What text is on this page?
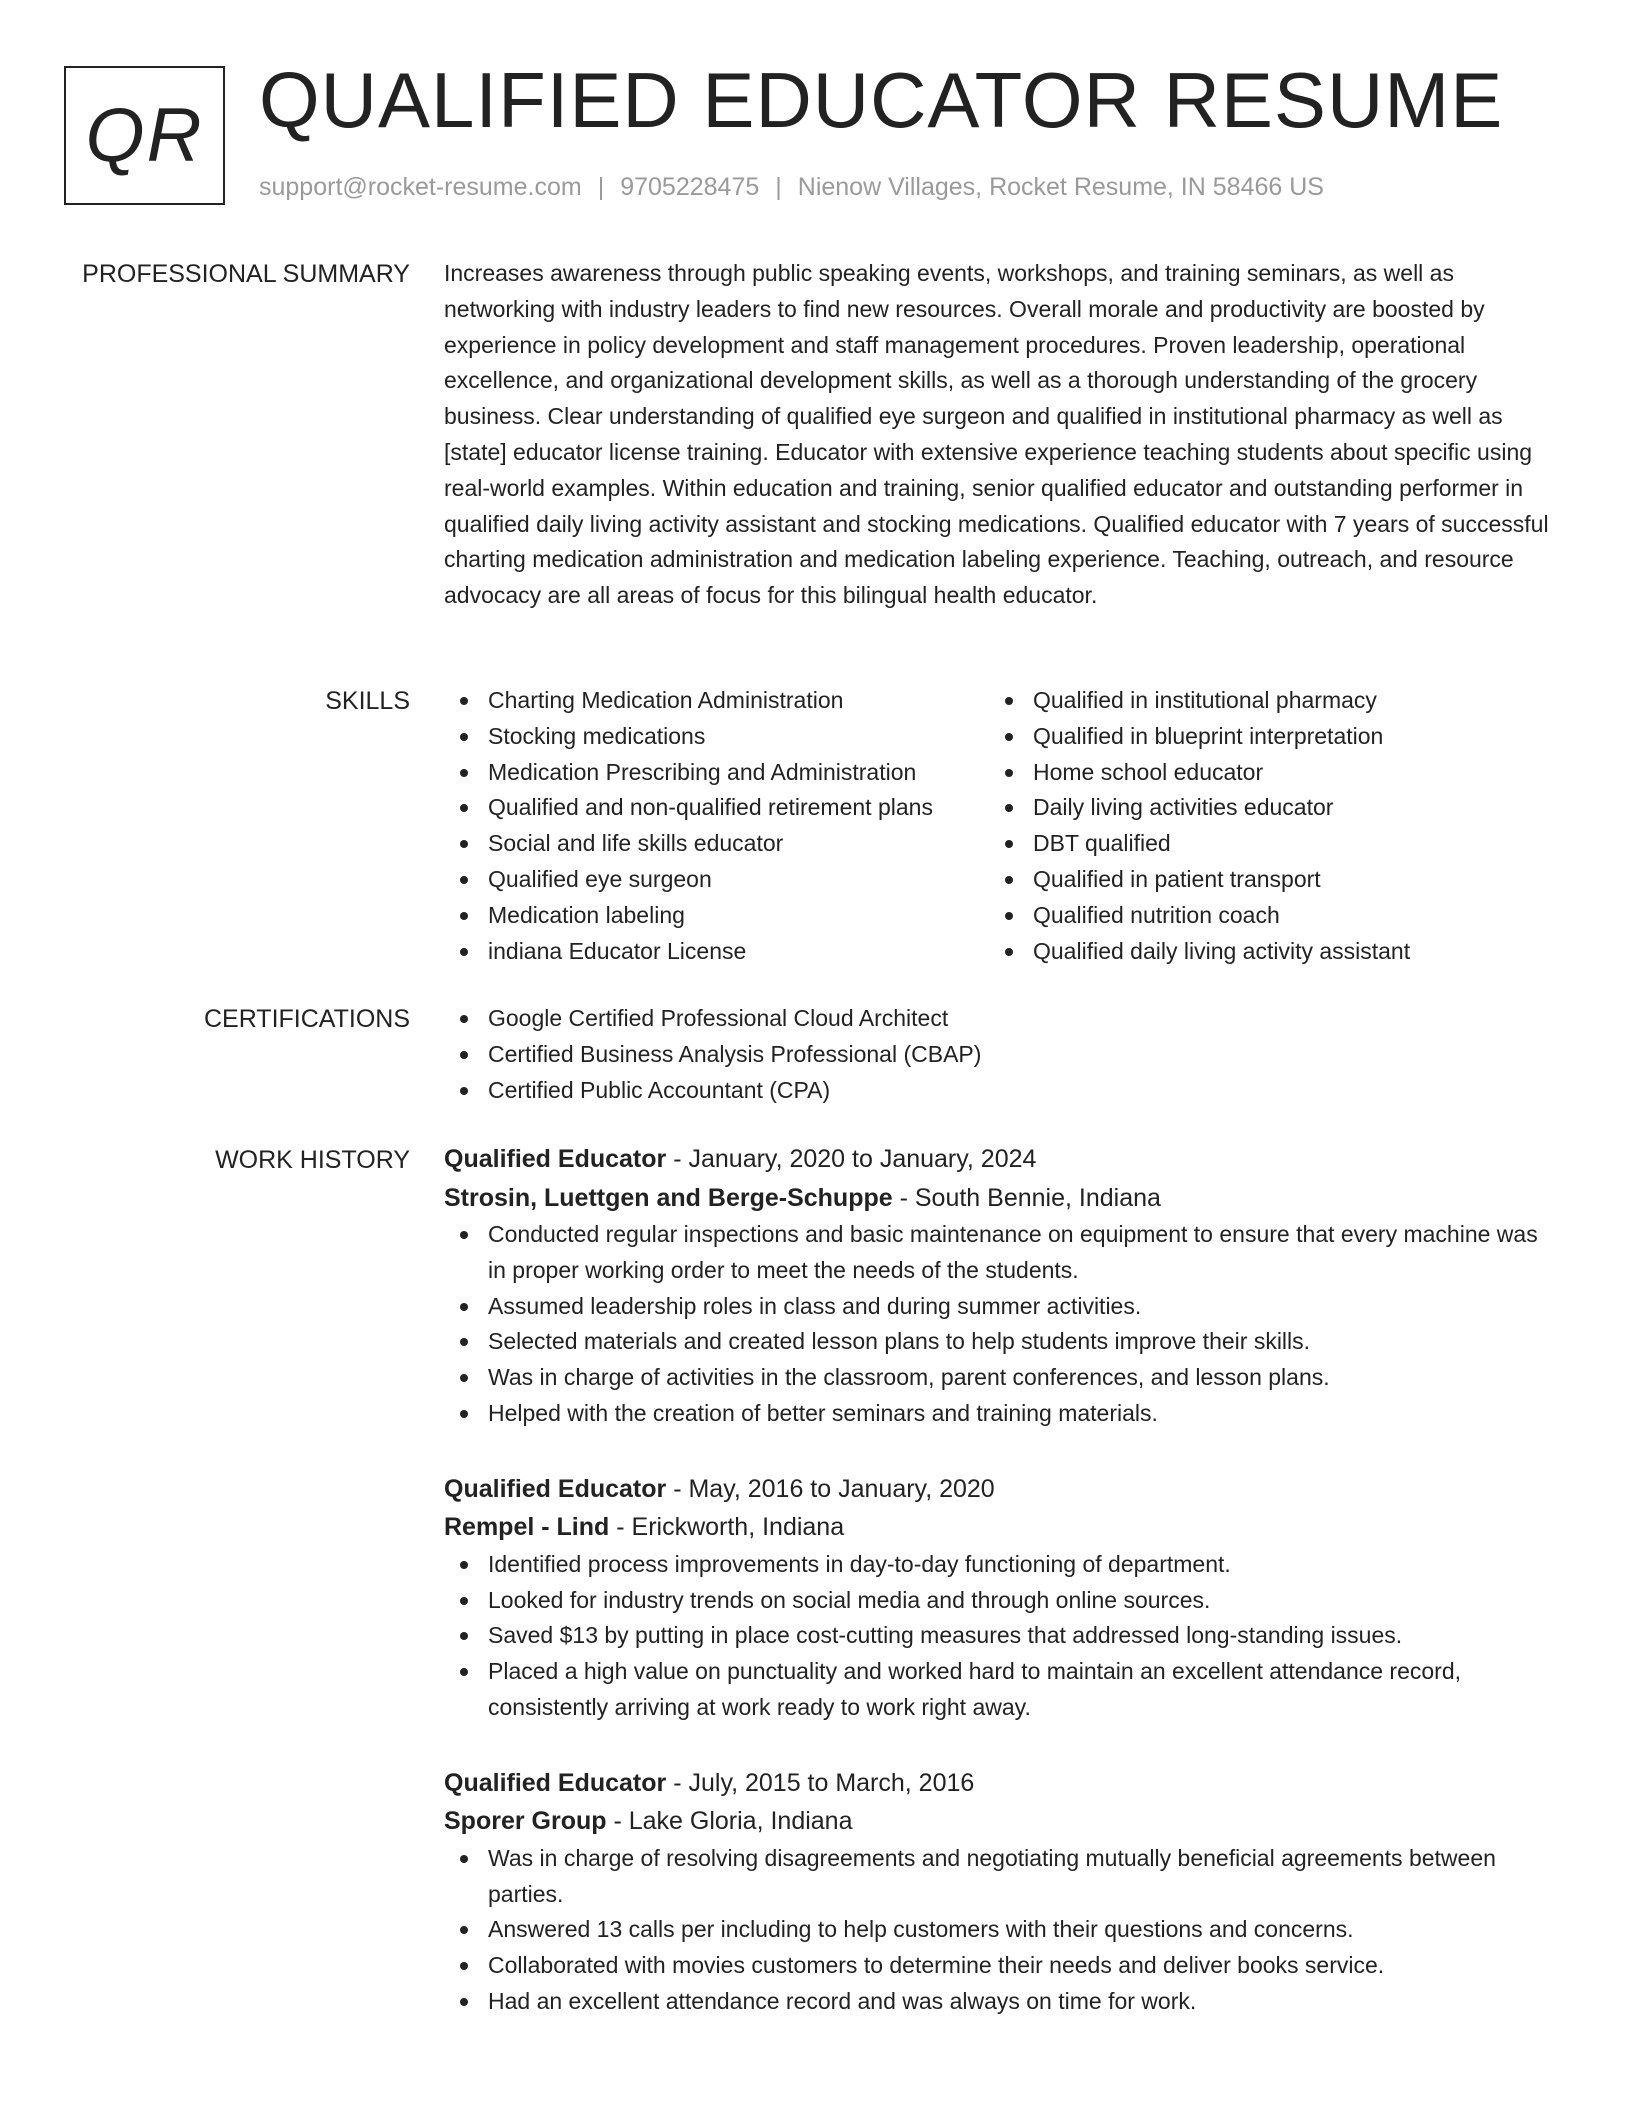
QR QUALIFIED EDUCATOR RESUME
support@rocket-resume.com | 9705228475 | Nienow Villages, Rocket Resume, IN 58466 US
PROFESSIONAL SUMMARY Increases awareness through public speaking events, workshops, and training seminars, as well as networking with industry leaders to find new resources. Overall morale and productivity are boosted by experience in policy development and staff management procedures. Proven leadership, operational excellence, and organizational development skills, as well as a thorough understanding of the grocery business. Clear understanding of qualified eye surgeon and qualified in institutional pharmacy as well as [state] educator license training. Educator with extensive experience teaching students about specific using real-world examples. Within education and training, senior qualified educator and outstanding performer in qualified daily living activity assistant and stocking medications. Qualified educator with 7 years of successful charting medication administration and medication labeling experience. Teaching, outreach, and resource advocacy are all areas of focus for this bilingual health educator.

SKILLS	Charting Medication Administration
Stocking medications
Medication Prescribing and Administration
Qualified and non-qualified retirement plans
Social and life skills educator
Qualified eye surgeon
Medication labeling
indiana Educator License
Qualified in institutional pharmacy
Qualified in blueprint interpretation
Home school educator
Daily living activities educator
DBT qualified
Qualified in patient transport
Qualified nutrition coach
Qualified daily living activity assistant
CERTIFICATIONS	Google Certified Professional Cloud Architect
Certified Business Analysis Professional (CBAP)
Certified Public Accountant (CPA)
WORK HISTORY Qualified Educator - January, 2020 to January, 2024
Strosin, Luettgen and Berge-Schuppe - South Bennie, Indiana
Conducted regular inspections and basic maintenance on equipment to ensure that every machine was in proper working order to meet the needs of the students.
Assumed leadership roles in class and during summer activities.
Selected materials and created lesson plans to help students improve their skills.
Was in charge of activities in the classroom, parent conferences, and lesson plans.
Helped with the creation of better seminars and training materials.
Qualified Educator - May, 2016 to January, 2020
Rempel - Lind - Erickworth, Indiana
Identified process improvements in day-to-day functioning of department.
Looked for industry trends on social media and through online sources.
Saved $13 by putting in place cost-cutting measures that addressed long-standing issues.
Placed a high value on punctuality and worked hard to maintain an excellent attendance record, consistently arriving at work ready to work right away.
Qualified Educator - July, 2015 to March, 2016
Sporer Group - Lake Gloria, Indiana
Was in charge of resolving disagreements and negotiating mutually beneficial agreements between parties.
Answered 13 calls per including to help customers with their questions and concerns.
Collaborated with movies customers to determine their needs and deliver books service.
Had an excellent attendance record and was always on time for work.
